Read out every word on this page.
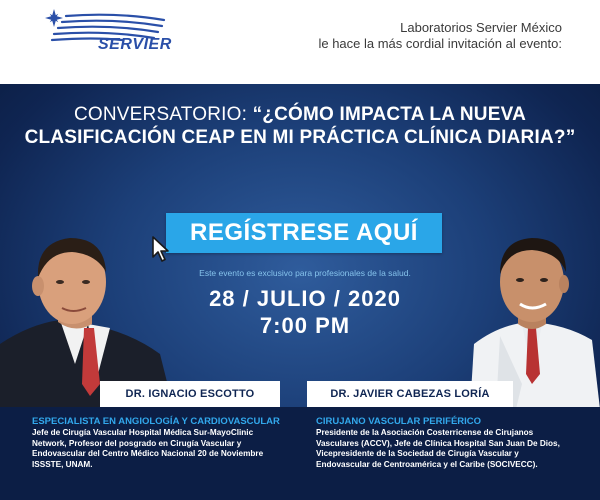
SERVIER
Laboratorios Servier México
le hace la más cordial invitación al evento:
CONVERSATORIO: “¿CÓMO IMPACTA LA NUEVA
CLASIFICACIÓN CEAP EN MI PRÁCTICA CLÍNICA DIARIA?”
REGÍSTRESE AQUÍ
Este evento es exclusivo para profesionales de la salud.
28 / JULIO / 2020
7:00 PM
DR. IGNACIO ESCOTTO	DR. JAVIER CABEZAS LORÍA
ESPECIALISTA EN ANGIOLOGÍA Y CARDIOVASCULAR
Jefe de Cirugía Vascular Hospital Médica Sur-MayoClinic Network, Profesor del posgrado en Cirugía Vascular y Endovascular del Centro Médico Nacional 20 de Noviembre ISSSTE, UNAM.
CIRUJANO VASCULAR PERIFÉRICO
Presidente de la Asociación Costerricense de Cirujanos Vasculares (ACCV), Jefe de Clínica Hospital San Juan De Dios, Vicepresidente de la Sociedad de Cirugía Vascular y Endovascular de Centroamérica y el Caribe (SOCIVECC).
